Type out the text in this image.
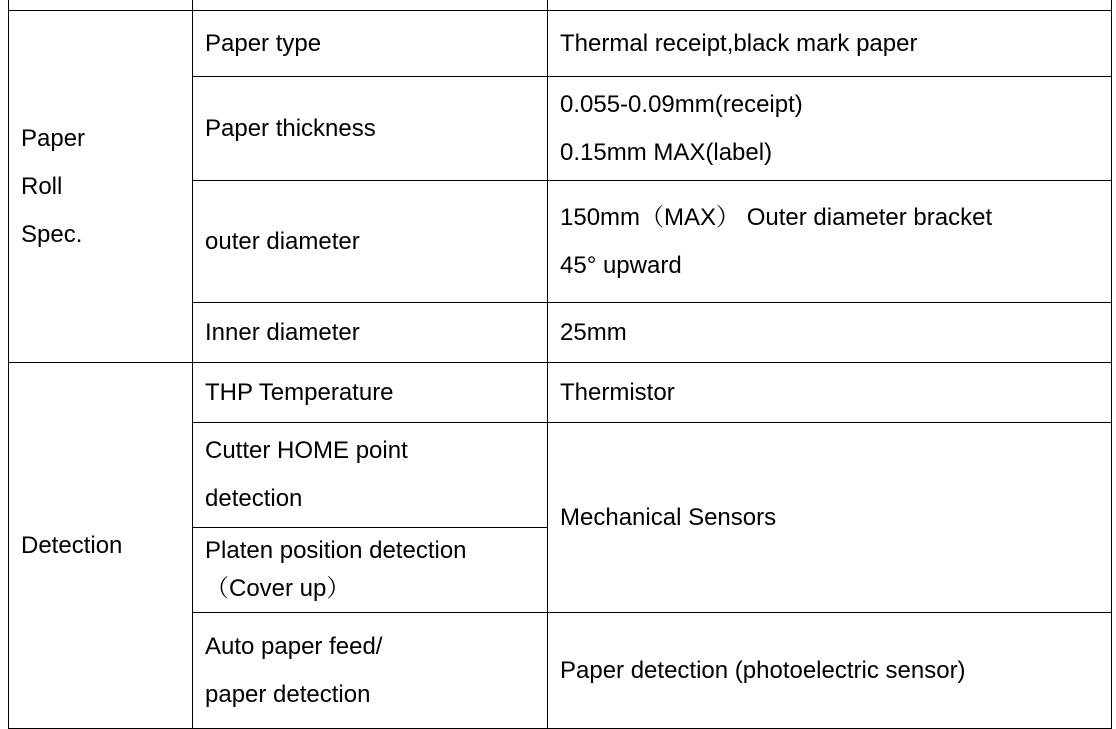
Paper
Roll
Spec.	Paper type	Thermal receipt,black mark paper

	Paper thickness	0.055-0.09mm(receipt)
0.15mm MAX(label)

	outer diameter	150mm（MAX） Outer diameter bracket
45° upward

	Inner diameter	25mm

Detection	THP Temperature	Thermistor

	Cutter HOME point
detection	Mechanical Sensors

	Platen position detection
（Cover up）	

	Auto paper feed/
paper detection	Paper detection (photoelectric sensor)
